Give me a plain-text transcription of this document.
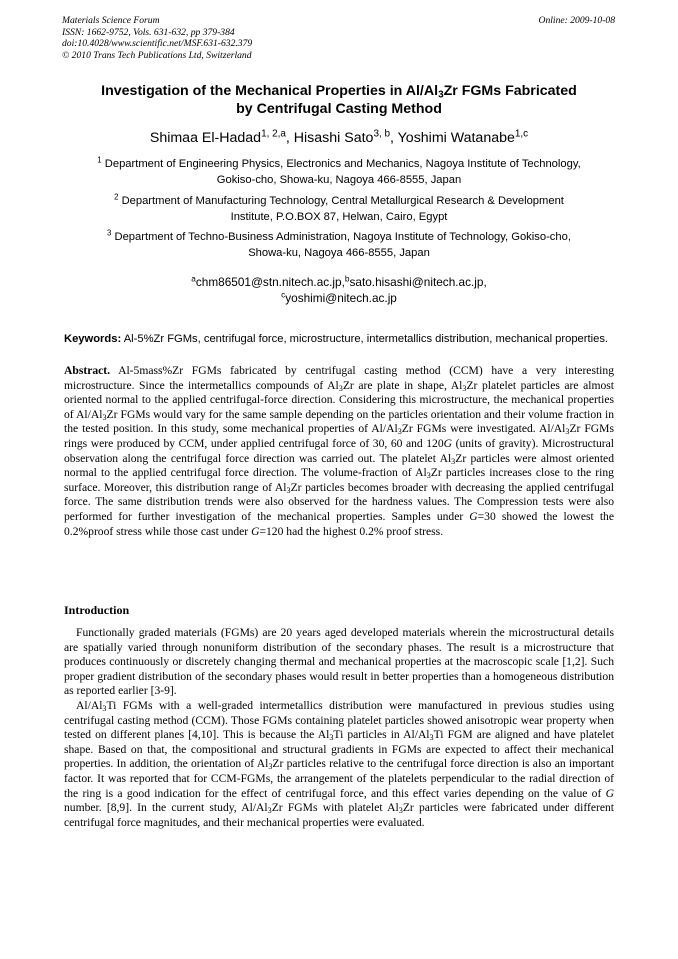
Materials Science Forum
ISSN: 1662-9752, Vols. 631-632, pp 379-384
doi:10.4028/www.scientific.net/MSF.631-632.379
© 2010 Trans Tech Publications Ltd, Switzerland
Online: 2009-10-08
Investigation of the Mechanical Properties in $Al/Al_3Zr$ FGMs Fabricated
by Centrifugal Casting Method
Shimaa El-Hadad$^{1, 2,a}$, Hisashi Sato$^{3, b}$, Yoshimi Watanabe$^{1,c}$
$^1$ Department of Engineering Physics, Electronics and Mechanics, Nagoya Institute of Technology,
Gokiso-cho, Showa-ku, Nagoya 466-8555, Japan
$^2$ Department of Manufacturing Technology, Central Metallurgical Research & Development
Institute, P.O.BOX 87, Helwan, Cairo, Egypt
$^3$ Department of Techno-Business Administration, Nagoya Institute of Technology, Gokiso-cho,
Showa-ku, Nagoya 466-8555, Japan
$^a$chm86501@stn.nitech.ac.jp,$^b$sato.hisashi@nitech.ac.jp,
$^c$yoshimi@nitech.ac.jp
Keywords: Al-5%Zr FGMs, centrifugal force, microstructure, intermetallics distribution, mechanical properties.
Abstract. Al-5mass%Zr FGMs fabricated by centrifugal casting method (CCM) have a very interesting microstructure. Since the intermetallics compounds of $Al_3Zr$ are plate in shape, $Al_3Zr$ platelet particles are almost oriented normal to the applied centrifugal-force direction. Considering this microstructure, the mechanical properties of $Al/Al_3Zr$ FGMs would vary for the same sample depending on the particles orientation and their volume fraction in the tested position. In this study, some mechanical properties of $Al/Al_3Zr$ FGMs were investigated. $Al/Al_3Zr$ FGMs rings were produced by CCM, under applied centrifugal force of 30, 60 and 120G (units of gravity). Microstructural observation along the centrifugal force direction was carried out. The platelet $Al_3Zr$ particles were almost oriented normal to the applied centrifugal force direction. The volume-fraction of $Al_3Zr$ particles increases close to the ring surface. Moreover, this distribution range of $Al_3Zr$ particles becomes broader with decreasing the applied centrifugal force. The same distribution trends were also observed for the hardness values. The Compression tests were also performed for further investigation of the mechanical properties. Samples under G=30 showed the lowest the 0.2%proof stress while those cast under G=120 had the highest 0.2% proof stress.
Introduction

Functionally graded materials (FGMs) are 20 years aged developed materials wherein the microstructural details are spatially varied through nonuniform distribution of the secondary phases. The result is a microstructure that produces continuously or discretely changing thermal and mechanical properties at the macroscopic scale [1,2]. Such proper gradient distribution of the secondary phases would result in better properties than a homogeneous distribution as reported earlier [3-9].

$Al/Al_3Ti$ FGMs with a well-graded intermetallics distribution were manufactured in previous studies using centrifugal casting method (CCM). Those FGMs containing platelet particles showed anisotropic wear property when tested on different planes [4,10]. This is because the $Al_3Ti$ particles in $Al/Al_3Ti$ FGM are aligned and have platelet shape. Based on that, the compositional and structural gradients in FGMs are expected to affect their mechanical properties. In addition, the orientation of $Al_3Zr$ particles relative to the centrifugal force direction is also an important factor. It was reported that for CCM-FGMs, the arrangement of the platelets perpendicular to the radial direction of the ring is a good indication for the effect of centrifugal force, and this effect varies depending on the value of G number. [8,9]. In the current study, $Al/Al_3Zr$ FGMs with platelet $Al_3Zr$ particles were fabricated under different centrifugal force magnitudes, and their mechanical properties were evaluated.
